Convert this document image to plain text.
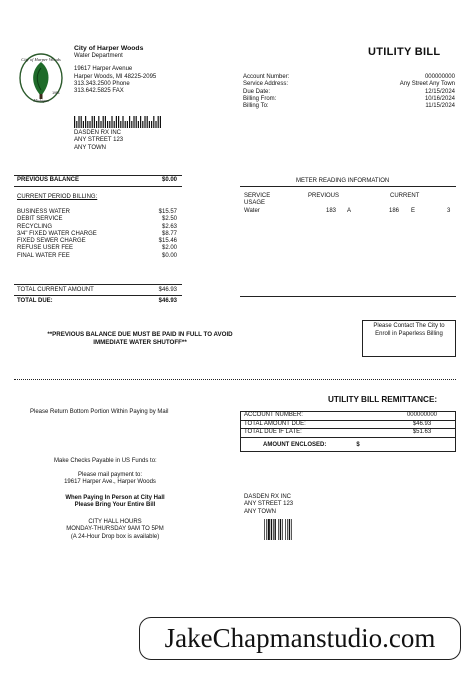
City of Harper Woods
Michigan
1951
City of Harper Woods
Water Department
19617 Harper Avenue
Harper Woods, MI 48225-2095
313.343.2500 Phone
313.642.5825 FAX
UTILITY BILL
Account Number:	000000000
Service Address:	Any Street Any Town
Due Date:	12/15/2024
Billing From:	10/16/2024
Billing To:	11/15/2024
DASDEN RX INC
ANY STREET 123
ANY TOWN
PREVIOUS BALANCE	$0.00
CURRENT PERIOD BILLING:
BUSINESS WATER	$15.57
DEBIT SERVICE	$2.50
RECYCLING	$2.63
3/4" FIXED WATER CHARGE	$8.77
FIXED SEWER CHARGE	$15.46
REFUSE USER FEE	$2.00
FINAL WATER FEE	$0.00
TOTAL CURRENT AMOUNT	$46.93
TOTAL DUE:	$46.93
METER READING INFORMATION
SERVICE USAGE
PREVIOUS	CURRENT
Water	183 A	186 E	3
**PREVIOUS BALANCE DUE MUST BE PAID IN FULL TO AVOID IMMEDIATE WATER SHUTOFF**
Please Contact The City to Enroll in Paperless Billing
UTILITY BILL REMITTANCE:
Please Return Bottom Portion Within Paying by Mail	ACCOUNT NUMBER:	000000000
TOTAL AMOUNT DUE:	$46.93
TOTAL DUE IF LATE:	$51.63
AMOUNT ENCLOSED:	$
Make Checks Payable in US Funds to:
Please mail payment to:
19617 Harper Ave., Harper Woods
When Paying In Person at City Hall
Please Bring Your Entire Bill
CITY HALL HOURS
MONDAY-THURSDAY 9AM TO 5PM
(A 24-Hour Drop box is available)
DASDEN RX INC
ANY STREET 123
ANY TOWN
JakeChapmanstudio.com
